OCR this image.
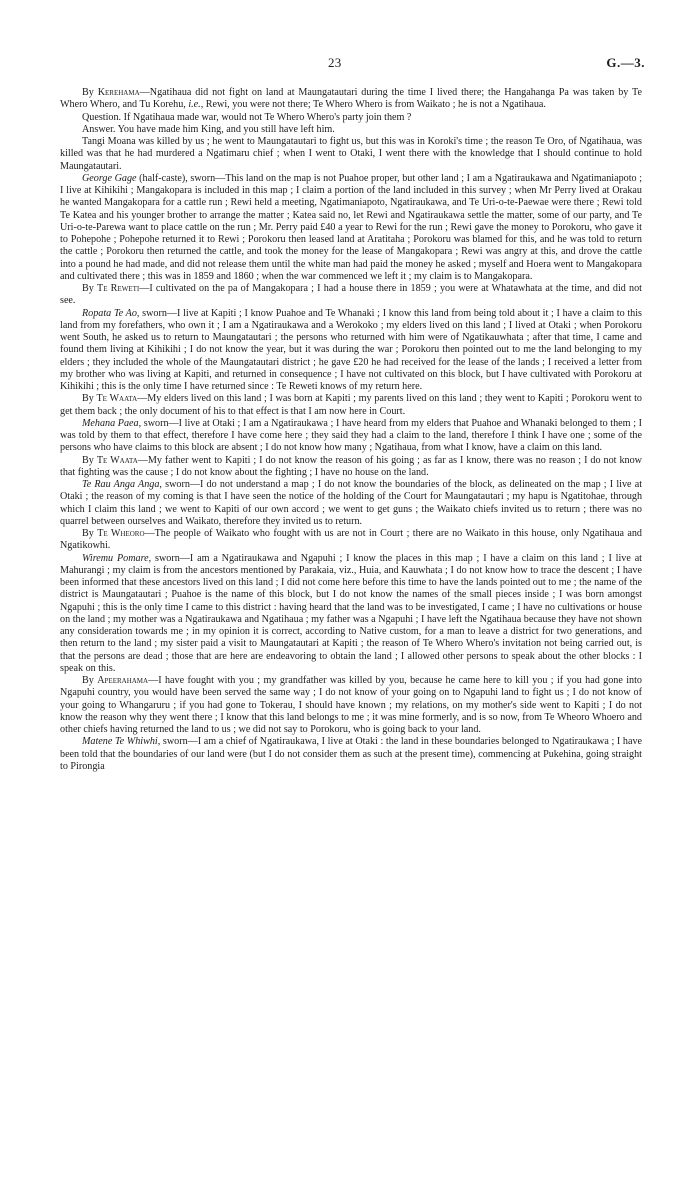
23	G.—3.

By Kerehama—Ngatihaua did not fight on land at Maungatautari during the time I lived there; the Hangahanga Pa was taken by Te Whero Whero, and Tu Korehu, i.e., Rewi, you were not there; Te Whero Whero is from Waikato ; he is not a Ngatihaua.

Question. If Ngatihaua made war, would not Te Whero Whero's party join them ?

Answer. You have made him King, and you still have left him.

Tangi Moana was killed by us ; he went to Maungatautari to fight us, but this was in Koroki's time ; the reason Te Oro, of Ngatihaua, was killed was that he had murdered a Ngatimaru chief ; when I went to Otaki, I went there with the knowledge that I should continue to hold Maungatautari.

George Gage (half-caste), sworn—This land on the map is not Puahoe proper, but other land ; I am a Ngatiraukawa and Ngatimaniapoto ; I live at Kihikihi ; Mangakopara is included in this map ; I claim a portion of the land included in this survey ; when Mr Perry lived at Orakau he wanted Mangakopara for a cattle run ; Rewi held a meeting, Ngatimaniapoto, Ngatiraukawa, and Te Uri-o-te-Paewae were there ; Rewi told Te Katea and his younger brother to arrange the matter ; Katea said no, let Rewi and Ngatiraukawa settle the matter, some of our party, and Te Uri-o-te-Parewa want to place cattle on the run ; Mr. Perry paid £40 a year to Rewi for the run ; Rewi gave the money to Porokoru, who gave it to Pohepohe ; Pohepohe returned it to Rewi ; Porokoru then leased land at Aratitaha ; Porokoru was blamed for this, and he was told to return the cattle ; Porokoru then returned the cattle, and took the money for the lease of Mangakopara ; Rewi was angry at this, and drove the cattle into a pound he had made, and did not release them until the white man had paid the money he asked ; myself and Hoera went to Mangakopara and cultivated there ; this was in 1859 and 1860 ; when the war commenced we left it ; my claim is to Mangakopara.

By Te Reweti—I cultivated on the pa of Mangakopara ; I had a house there in 1859 ; you were at Whatawhata at the time, and did not see.

Ropata Te Ao, sworn—I live at Kapiti ; I know Puahoe and Te Whanaki ; I know this land from being told about it ; I have a claim to this land from my forefathers, who own it ; I am a Ngatiraukawa and a Werokoko ; my elders lived on this land ; I lived at Otaki ; when Porokoru went South, he asked us to return to Maungatautari ; the persons who returned with him were of Ngatikauwhata ; after that time, I came and found them living at Kihikihi ; I do not know the year, but it was during the war ; Porokoru then pointed out to me the land belonging to my elders ; they included the whole of the Maungatautari district ; he gave £20 he had received for the lease of the lands ; I received a letter from my brother who was living at Kapiti, and returned in consequence ; I have not cultivated on this block, but I have cultivated with Porokoru at Kihikihi ; this is the only time I have returned since : Te Reweti knows of my return here.

By Te Waata—My elders lived on this land ; I was born at Kapiti ; my parents lived on this land ; they went to Kapiti ; Porokoru went to get them back ; the only document of his to that effect is that I am now here in Court.

Mehana Paea, sworn—I live at Otaki ; I am a Ngatiraukawa ; I have heard from my elders that Puahoe and Whanaki belonged to them ; I was told by them to that effect, therefore I have come here ; they said they had a claim to the land, therefore I think I have one ; some of the persons who have claims to this block are absent ; I do not know how many ; Ngatihaua, from what I know, have a claim on this land.

By Te Waata—My father went to Kapiti ; I do not know the reason of his going ; as far as I know, there was no reason ; I do not know that fighting was the cause ; I do not know about the fighting ; I have no house on the land.

Te Rau Anga Anga, sworn—I do not understand a map ; I do not know the boundaries of the block, as delineated on the map ; I live at Otaki ; the reason of my coming is that I have seen the notice of the holding of the Court for Maungatautari ; my hapu is Ngatitohae, through which I claim this land ; we went to Kapiti of our own accord ; we went to get guns ; the Waikato chiefs invited us to return ; there was no quarrel between ourselves and Waikato, therefore they invited us to return.

By Te Wheoro—The people of Waikato who fought with us are not in Court ; there are no Waikato in this house, only Ngatihaua and Ngatikowhi.

Wiremu Pomare, sworn—I am a Ngatiraukawa and Ngapuhi ; I know the places in this map ; I have a claim on this land ; I live at Mahurangi ; my claim is from the ancestors mentioned by Parakaia, viz., Huia, and Kauwhata ; I do not know how to trace the descent ; I have been informed that these ancestors lived on this land ; I did not come here before this time to have the lands pointed out to me ; the name of the district is Maungatautari ; Puahoe is the name of this block, but I do not know the names of the small pieces inside ; I was born amongst Ngapuhi ; this is the only time I came to this district : having heard that the land was to be investigated, I came ; I have no cultivations or house on the land ; my mother was a Ngatiraukawa and Ngatihaua ; my father was a Ngapuhi ; I have left the Ngatihaua because they have not shown any consideration towards me ; in my opinion it is correct, according to Native custom, for a man to leave a district for two generations, and then return to the land ; my sister paid a visit to Maungatautari at Kapiti ; the reason of Te Whero Whero's invitation not being carried out, is that the persons are dead ; those that are here are endeavoring to obtain the land ; I allowed other persons to speak about the other blocks : I speak on this.

By Apeerahama—I have fought with you ; my grandfather was killed by you, because he came here to kill you ; if you had gone into Ngapuhi country, you would have been served the same way ; I do not know of your going on to Ngapuhi land to fight us ; I do not know of your going to Whangaruru ; if you had gone to Tokerau, I should have known ; my relations, on my mother's side went to Kapiti ; I do not know the reason why they went there ; I know that this land belongs to me ; it was mine formerly, and is so now, from Te Wheoro Whoero and other chiefs having returned the land to us ; we did not say to Porokoru, who is going back to your land.

Matene Te Whiwhi, sworn—I am a chief of Ngatiraukawa, I live at Otaki : the land in these boundaries belonged to Ngatiraukawa ; I have been told that the boundaries of our land were (but I do not consider them as such at the present time), commencing at Pukehina, going straight to Pirongia
